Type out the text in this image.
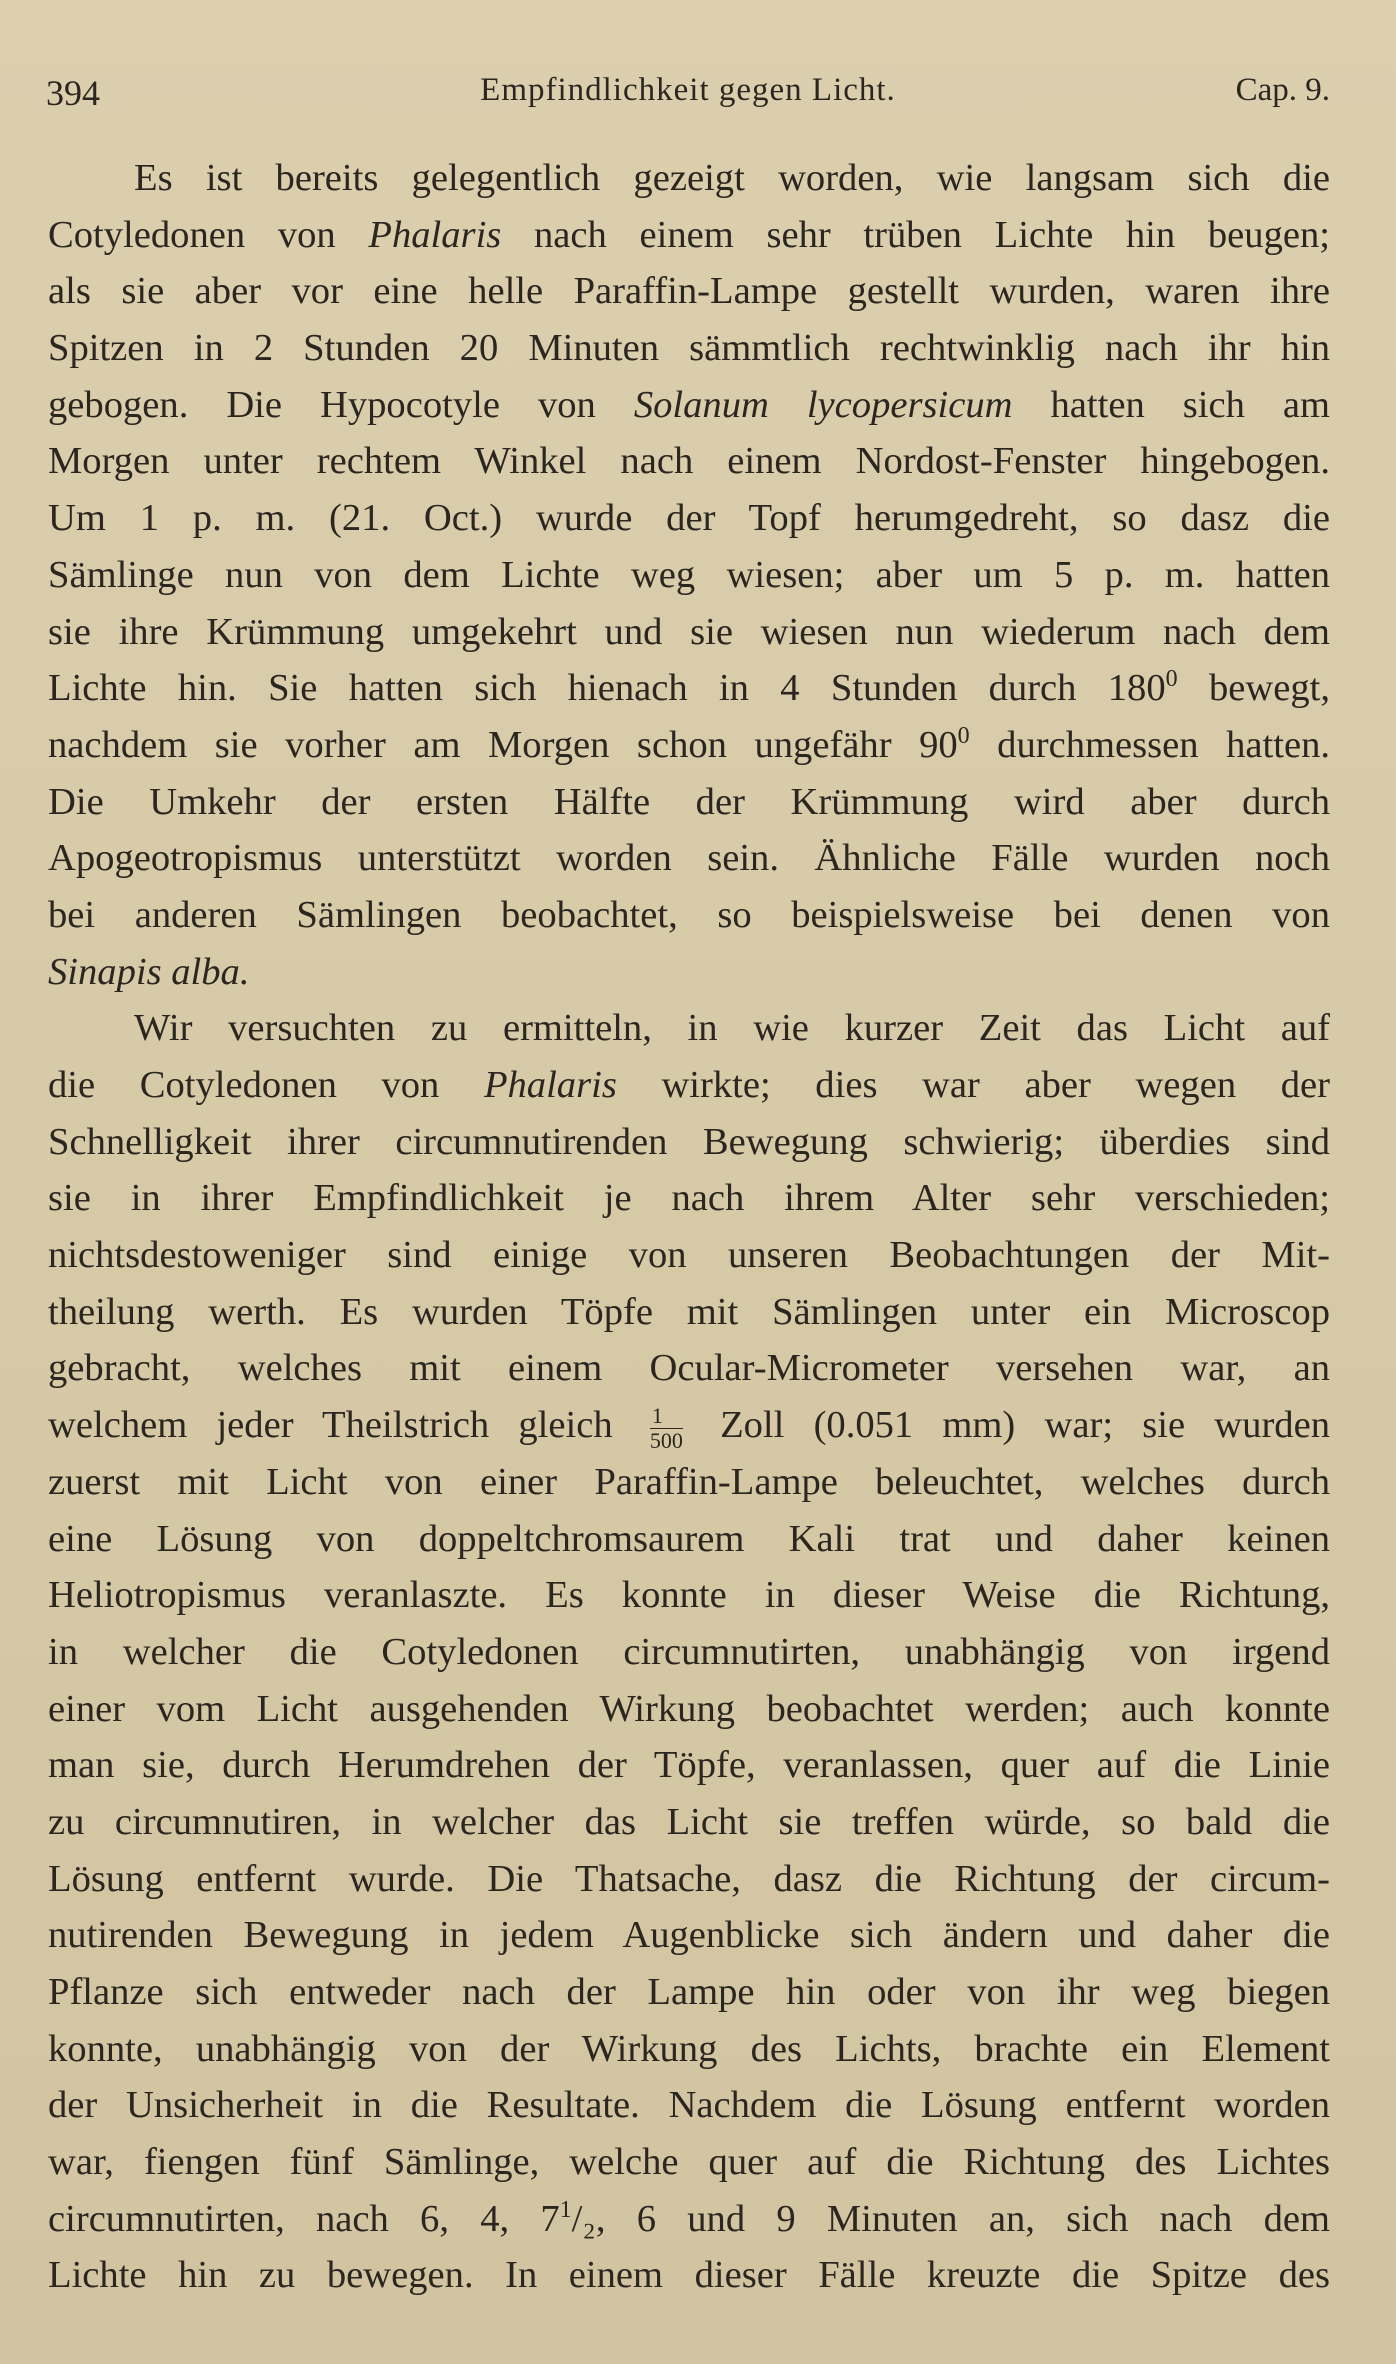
394	Empfindlichkeit gegen Licht.	Cap. 9.
Es ist bereits gelegentlich gezeigt worden, wie langsam sich die
Cotyledonen von Phalaris nach einem sehr trüben Lichte hin beugen;
als sie aber vor eine helle Paraffin-Lampe gestellt wurden, waren ihre
Spitzen in 2 Stunden 20 Minuten sämmtlich rechtwinklig nach ihr hin
gebogen. Die Hypocotyle von Solanum lycopersicum hatten sich am
Morgen unter rechtem Winkel nach einem Nordost-Fenster hingebogen.
Um 1 p. m. (21. Oct.) wurde der Topf herumgedreht, so dasz die
Sämlinge nun von dem Lichte weg wiesen; aber um 5 p. m. hatten
sie ihre Krümmung umgekehrt und sie wiesen nun wiederum nach dem
Lichte hin. Sie hatten sich hienach in 4 Stunden durch $180^0$ bewegt,
nachdem sie vorher am Morgen schon ungefähr $90^0$ durchmessen hatten.
Die Umkehr der ersten Hälfte der Krümmung wird aber durch
Apogeotropismus unterstützt worden sein. Ähnliche Fälle wurden noch
bei anderen Sämlingen beobachtet, so beispielsweise bei denen von
Sinapis alba.
Wir versuchten zu ermitteln, in wie kurzer Zeit das Licht auf
die Cotyledonen von Phalaris wirkte; dies war aber wegen der
Schnelligkeit ihrer circumnutirenden Bewegung schwierig; überdies sind
sie in ihrer Empfindlichkeit je nach ihrem Alter sehr verschieden;
nichtsdestoweniger sind einige von unseren Beobachtungen der Mit-
theilung werth. Es wurden Töpfe mit Sämlingen unter ein Microscop
gebracht, welches mit einem Ocular-Micrometer versehen war, an
welchem jeder Theilstrich gleich $\frac{1}{500}$ Zoll (0.051 mm) war; sie wurden
zuerst mit Licht von einer Paraffin-Lampe beleuchtet, welches durch
eine Lösung von doppeltchromsaurem Kali trat und daher keinen
Heliotropismus veranlaszte. Es konnte in dieser Weise die Richtung,
in welcher die Cotyledonen circumnutirten, unabhängig von irgend
einer vom Licht ausgehenden Wirkung beobachtet werden; auch konnte
man sie, durch Herumdrehen der Töpfe, veranlassen, quer auf die Linie
zu circumnutiren, in welcher das Licht sie treffen würde, so bald die
Lösung entfernt wurde. Die Thatsache, dasz die Richtung der circum-
nutirenden Bewegung in jedem Augenblicke sich ändern und daher die
Pflanze sich entweder nach der Lampe hin oder von ihr weg biegen
konnte, unabhängig von der Wirkung des Lichts, brachte ein Element
der Unsicherheit in die Resultate. Nachdem die Lösung entfernt worden
war, fiengen fünf Sämlinge, welche quer auf die Richtung des Lichtes
circumnutirten, nach 6, 4, $7^1/_2$, 6 und 9 Minuten an, sich nach dem
Lichte hin zu bewegen. In einem dieser Fälle kreuzte die Spitze des
